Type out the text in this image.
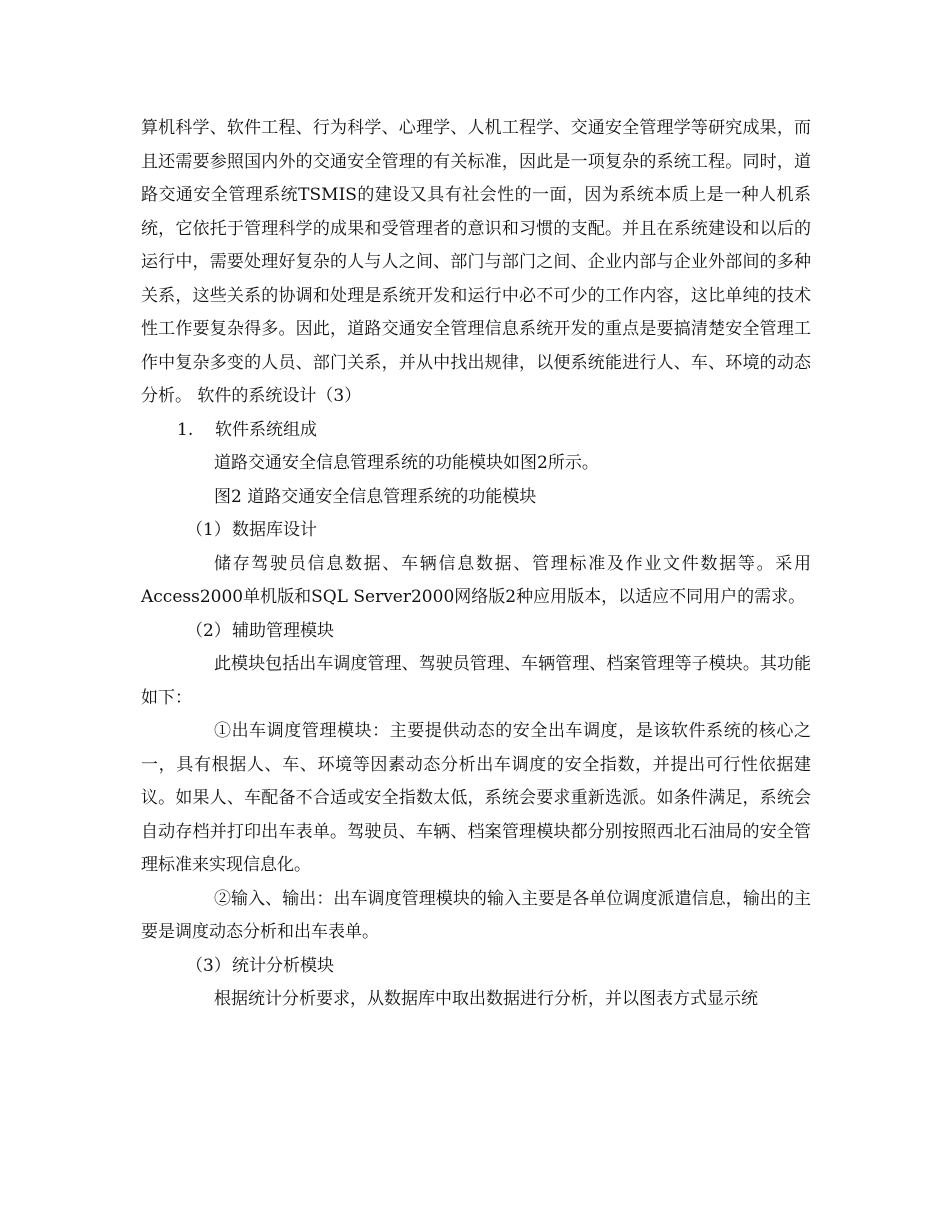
算机科学、软件工程、行为科学、心理学、人机工程学、交通安全管理学等研究成果，而且还需要参照国内外的交通安全管理的有关标准，因此是一项复杂的系统工程。同时，道路交通安全管理系统TSMIS的建设又具有社会性的一面，因为系统本质上是一种人机系统，它依托于管理科学的成果和受管理者的意识和习惯的支配。并且在系统建设和以后的运行中，需要处理好复杂的人与人之间、部门与部门之间、企业内部与企业外部间的多种关系，这些关系的协调和处理是系统开发和运行中必不可少的工作内容，这比单纯的技术性工作要复杂得多。因此，道路交通安全管理信息系统开发的重点是要搞清楚安全管理工作中复杂多变的人员、部门关系，并从中找出规律，以便系统能进行人、车、环境的动态分析。 软件的系统设计（3）

1. 软件系统组成

道路交通安全信息管理系统的功能模块如图2所示。

图2 道路交通安全信息管理系统的功能模块

（1）数据库设计

储存驾驶员信息数据、车辆信息数据、管理标准及作业文件数据等。采用Access2000单机版和SQL Server2000网络版2种应用版本，以适应不同用户的需求。

（2）辅助管理模块

此模块包括出车调度管理、驾驶员管理、车辆管理、档案管理等子模块。其功能如下：

①出车调度管理模块：主要提供动态的安全出车调度，是该软件系统的核心之一，具有根据人、车、环境等因素动态分析出车调度的安全指数，并提出可行性依据建议。如果人、车配备不合适或安全指数太低，系统会要求重新选派。如条件满足，系统会自动存档并打印出车表单。驾驶员、车辆、档案管理模块都分别按照西北石油局的安全管理标准来实现信息化。

②输入、输出：出车调度管理模块的输入主要是各单位调度派遣信息，输出的主要是调度动态分析和出车表单。

（3）统计分析模块

根据统计分析要求，从数据库中取出数据进行分析，并以图表方式显示统
